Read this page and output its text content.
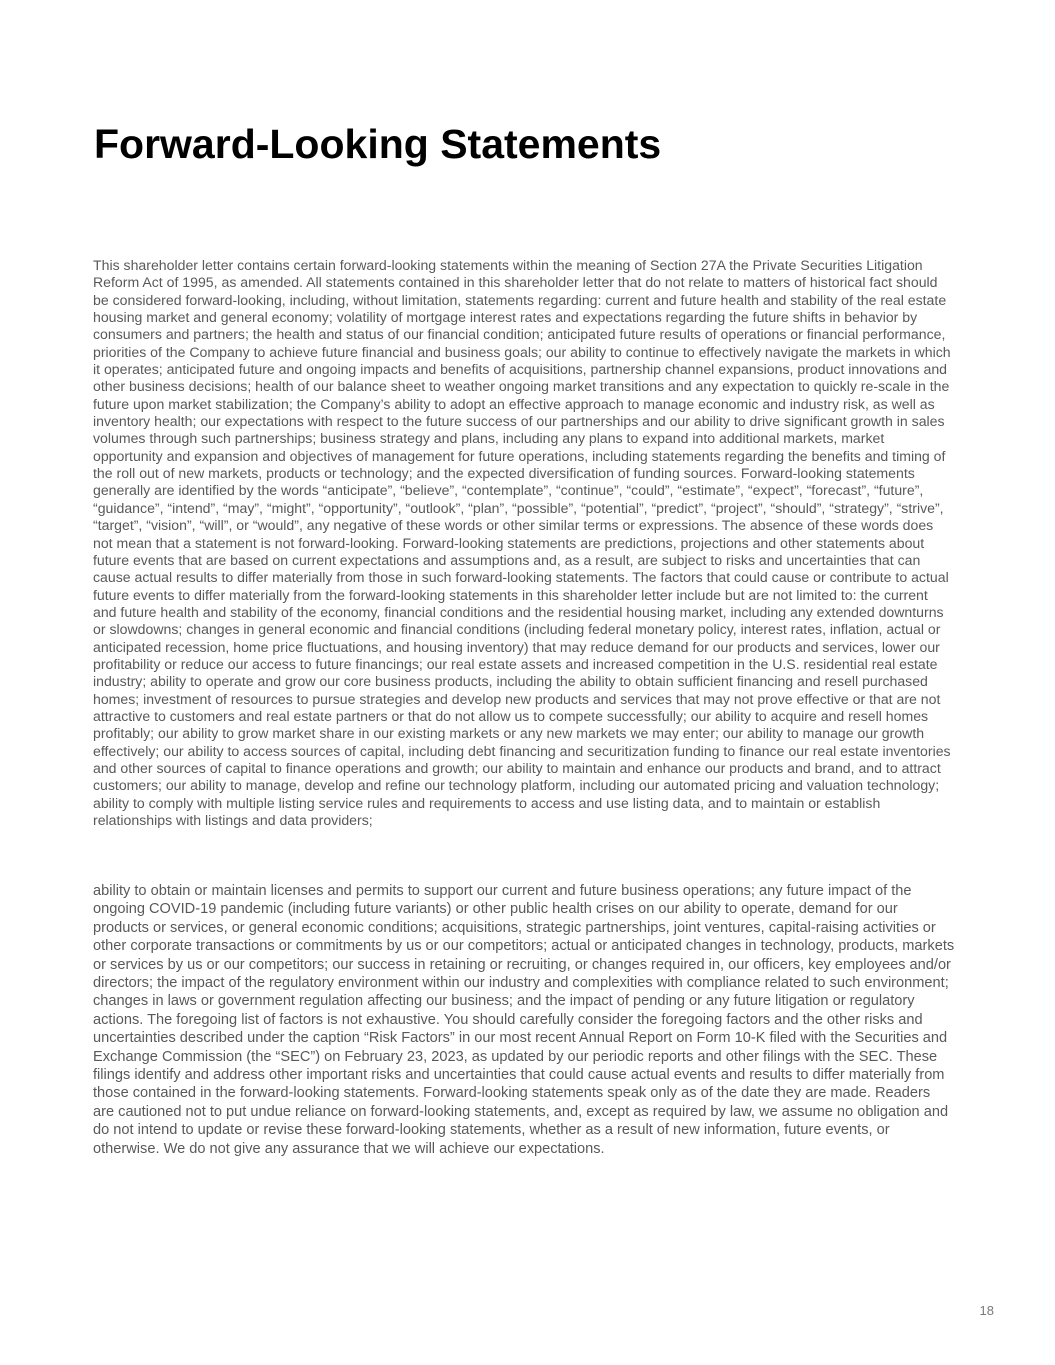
Forward-Looking Statements

This shareholder letter contains certain forward-looking statements within the meaning of Section 27A the Private Securities Litigation Reform Act of 1995, as amended. All statements contained in this shareholder letter that do not relate to matters of historical fact should be considered forward-looking, including, without limitation, statements regarding: current and future health and stability of the real estate housing market and general economy; volatility of mortgage interest rates and expectations regarding the future shifts in behavior by consumers and partners; the health and status of our financial condition; anticipated future results of operations or financial performance, priorities of the Company to achieve future financial and business goals; our ability to continue to effectively navigate the markets in which it operates; anticipated future and ongoing impacts and benefits of acquisitions, partnership channel expansions, product innovations and other business decisions; health of our balance sheet to weather ongoing market transitions and any expectation to quickly re-scale in the future upon market stabilization; the Company’s ability to adopt an effective approach to manage economic and industry risk, as well as inventory health; our expectations with respect to the future success of our partnerships and our ability to drive significant growth in sales volumes through such partnerships; business strategy and plans, including any plans to expand into additional markets, market opportunity and expansion and objectives of management for future operations, including statements regarding the benefits and timing of the roll out of new markets, products or technology; and the expected diversification of funding sources. Forward-looking statements generally are identified by the words “anticipate”, “believe”, “contemplate”, “continue”, “could”, “estimate”, “expect”, “forecast”, “future”, “guidance”, “intend”, “may”, “might”, “opportunity”, “outlook”, “plan”, “possible”, “potential”, “predict”, “project”, “should”, “strategy”, “strive”, “target”, “vision”, “will”, or “would”, any negative of these words or other similar terms or expressions. The absence of these words does not mean that a statement is not forward-looking. Forward-looking statements are predictions, projections and other statements about future events that are based on current expectations and assumptions and, as a result, are subject to risks and uncertainties that can cause actual results to differ materially from those in such forward-looking statements. The factors that could cause or contribute to actual future events to differ materially from the forward-looking statements in this shareholder letter include but are not limited to: the current and future health and stability of the economy, financial conditions and the residential housing market, including any extended downturns or slowdowns; changes in general economic and financial conditions (including federal monetary policy, interest rates, inflation, actual or anticipated recession, home price fluctuations, and housing inventory) that may reduce demand for our products and services, lower our profitability or reduce our access to future financings; our real estate assets and increased competition in the U.S. residential real estate industry; ability to operate and grow our core business products, including the ability to obtain sufficient financing and resell purchased homes; investment of resources to pursue strategies and develop new products and services that may not prove effective or that are not attractive to customers and real estate partners or that do not allow us to compete successfully; our ability to acquire and resell homes profitably; our ability to grow market share in our existing markets or any new markets we may enter; our ability to manage our growth effectively; our ability to access sources of capital, including debt financing and securitization funding to finance our real estate inventories and other sources of capital to finance operations and growth; our ability to maintain and enhance our products and brand, and to attract customers; our ability to manage, develop and refine our technology platform, including our automated pricing and valuation technology; ability to comply with multiple listing service rules and requirements to access and use listing data, and to maintain or establish relationships with listings and data providers;

ability to obtain or maintain licenses and permits to support our current and future business operations; any future impact of the ongoing COVID-19 pandemic (including future variants) or other public health crises on our ability to operate, demand for our products or services, or general economic conditions; acquisitions, strategic partnerships, joint ventures, capital-raising activities or other corporate transactions or commitments by us or our competitors; actual or anticipated changes in technology, products, markets or services by us or our competitors; our success in retaining or recruiting, or changes required in, our officers, key employees and/or directors; the impact of the regulatory environment within our industry and complexities with compliance related to such environment; changes in laws or government regulation affecting our business; and the impact of pending or any future litigation or regulatory actions. The foregoing list of factors is not exhaustive. You should carefully consider the foregoing factors and the other risks and uncertainties described under the caption “Risk Factors” in our most recent Annual Report on Form 10-K filed with the Securities and Exchange Commission (the “SEC”) on February 23, 2023, as updated by our periodic reports and other filings with the SEC. These filings identify and address other important risks and uncertainties that could cause actual events and results to differ materially from those contained in the forward-looking statements. Forward-looking statements speak only as of the date they are made. Readers are cautioned not to put undue reliance on forward-looking statements, and, except as required by law, we assume no obligation and do not intend to update or revise these forward-looking statements, whether as a result of new information, future events, or otherwise. We do not give any assurance that we will achieve our expectations.

18
